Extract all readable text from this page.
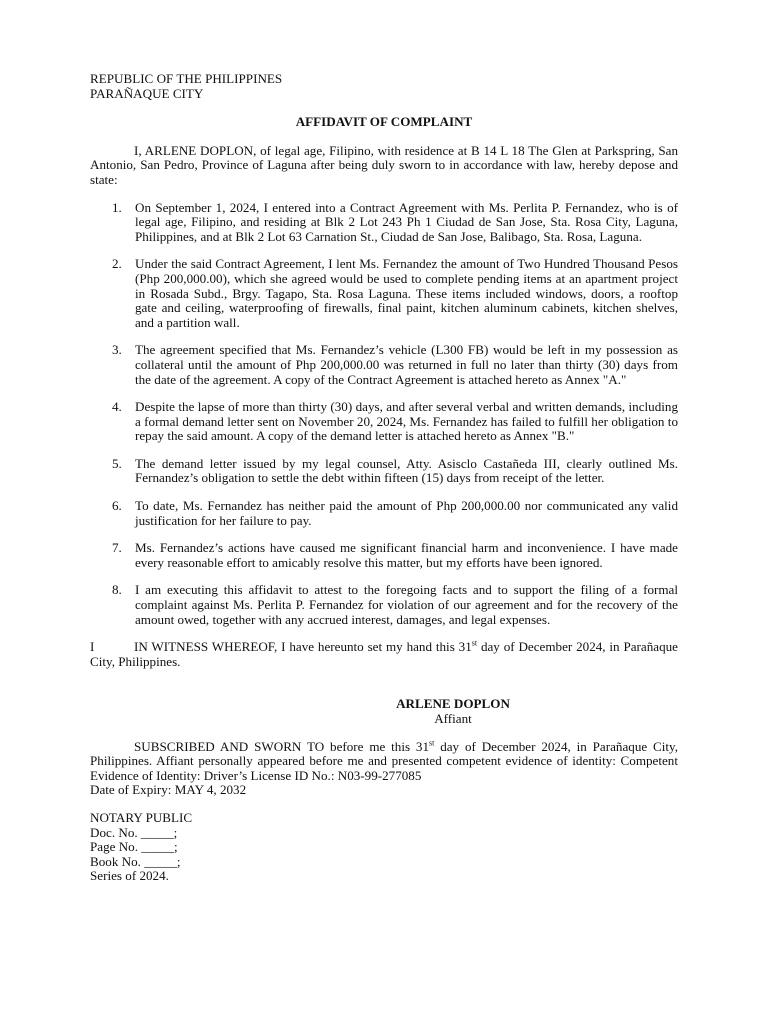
REPUBLIC OF THE PHILIPPINES
PARAÑAQUE CITY
AFFIDAVIT OF COMPLAINT

I, ARLENE DOPLON, of legal age, Filipino, with residence at B 14 L 18 The Glen at Parkspring, San Antonio, San Pedro, Province of Laguna after being duly sworn to in accordance with law, hereby depose and state:

1. On September 1, 2024, I entered into a Contract Agreement with Ms. Perlita P. Fernandez, who is of legal age, Filipino, and residing at Blk 2 Lot 243 Ph 1 Ciudad de San Jose, Sta. Rosa City, Laguna, Philippines, and at Blk 2 Lot 63 Carnation St., Ciudad de San Jose, Balibago, Sta. Rosa, Laguna.
2. Under the said Contract Agreement, I lent Ms. Fernandez the amount of Two Hundred Thousand Pesos (Php 200,000.00), which she agreed would be used to complete pending items at an apartment project in Rosada Subd., Brgy. Tagapo, Sta. Rosa Laguna. These items included windows, doors, a rooftop gate and ceiling, waterproofing of firewalls, final paint, kitchen aluminum cabinets, kitchen shelves, and a partition wall.
3. The agreement specified that Ms. Fernandez’s vehicle (L300 FB) would be left in my possession as collateral until the amount of Php 200,000.00 was returned in full no later than thirty (30) days from the date of the agreement. A copy of the Contract Agreement is attached hereto as Annex "A."
4. Despite the lapse of more than thirty (30) days, and after several verbal and written demands, including a formal demand letter sent on November 20, 2024, Ms. Fernandez has failed to fulfill her obligation to repay the said amount. A copy of the demand letter is attached hereto as Annex "B."
5. The demand letter issued by my legal counsel, Atty. Asisclo Castañeda III, clearly outlined Ms. Fernandez’s obligation to settle the debt within fifteen (15) days from receipt of the letter.
6. To date, Ms. Fernandez has neither paid the amount of Php 200,000.00 nor communicated any valid justification for her failure to pay.
7. Ms. Fernandez’s actions have caused me significant financial harm and inconvenience. I have made every reasonable effort to amicably resolve this matter, but my efforts have been ignored.
8. I am executing this affidavit to attest to the foregoing facts and to support the filing of a formal complaint against Ms. Perlita P. Fernandez for violation of our agreement and for the recovery of the amount owed, together with any accrued interest, damages, and legal expenses.

I	IN WITNESS WHEREOF, I have hereunto set my hand this 31st day of December 2024, in Parañaque City, Philippines.

ARLENE DOPLON
Affiant

SUBSCRIBED AND SWORN TO before me this 31st day of December 2024, in Parañaque City, Philippines. Affiant personally appeared before me and presented competent evidence of identity: Competent Evidence of Identity: Driver’s License ID No.: N03-99-277085
Date of Expiry: MAY 4, 2032

NOTARY PUBLIC
Doc. No. _____;
Page No. _____;
Book No. _____;
Series of 2024.
